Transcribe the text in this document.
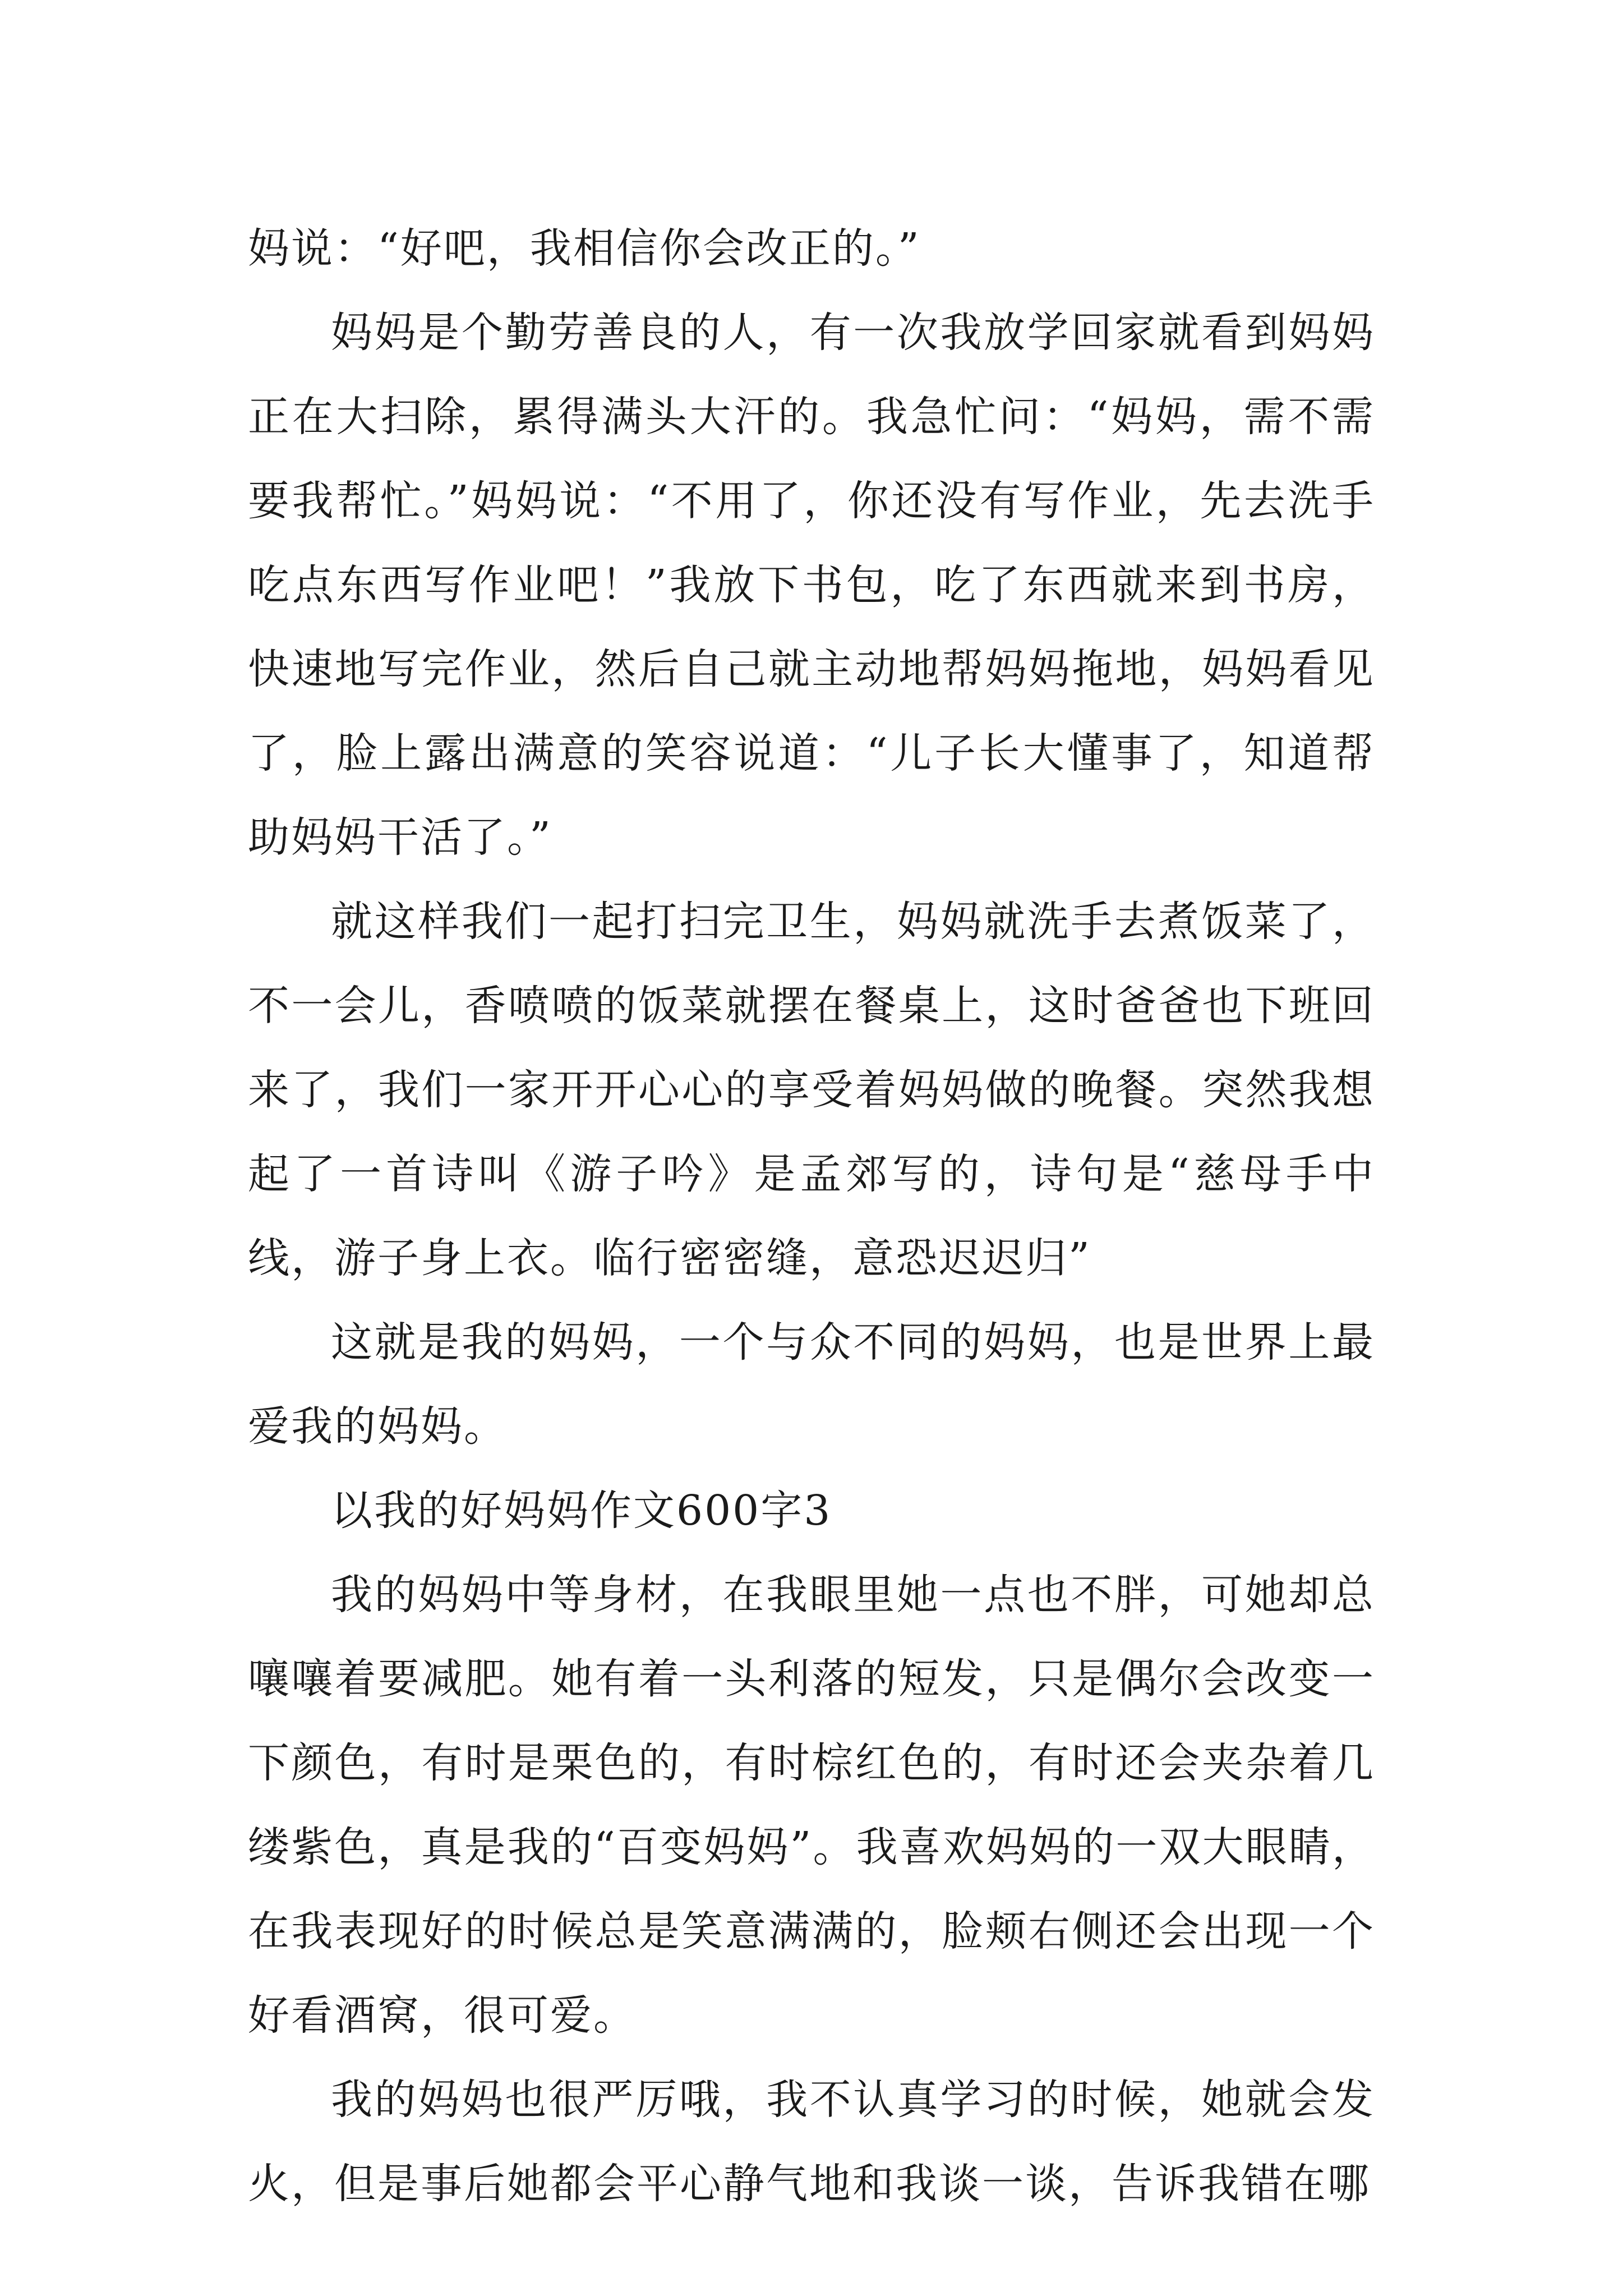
妈说：“好吧，我相信你会改正的。”

妈妈是个勤劳善良的人，有一次我放学回家就看到妈妈正在大扫除，累得满头大汗的。我急忙问：“妈妈，需不需要我帮忙。”妈妈说：“不用了，你还没有写作业，先去洗手吃点东西写作业吧！”我放下书包，吃了东西就来到书房，快速地写完作业，然后自己就主动地帮妈妈拖地，妈妈看见了，脸上露出满意的笑容说道：“儿子长大懂事了，知道帮助妈妈干活了。”

就这样我们一起打扫完卫生，妈妈就洗手去煮饭菜了，不一会儿，香喷喷的饭菜就摆在餐桌上，这时爸爸也下班回来了，我们一家开开心心的享受着妈妈做的晚餐。突然我想起了一首诗叫《游子吟》是孟郊写的，诗句是“慈母手中线，游子身上衣。临行密密缝，意恐迟迟归”

这就是我的妈妈，一个与众不同的妈妈，也是世界上最爱我的妈妈。

以我的好妈妈作文600字3

我的妈妈中等身材，在我眼里她一点也不胖，可她却总嚷嚷着要减肥。她有着一头利落的短发，只是偶尔会改变一下颜色，有时是栗色的，有时棕红色的，有时还会夹杂着几缕紫色，真是我的“百变妈妈”。我喜欢妈妈的一双大眼睛，在我表现好的时候总是笑意满满的，脸颊右侧还会出现一个好看酒窝，很可爱。

我的妈妈也很严厉哦，我不认真学习的时候，她就会发火，但是事后她都会平心静气地和我谈一谈，告诉我错在哪
